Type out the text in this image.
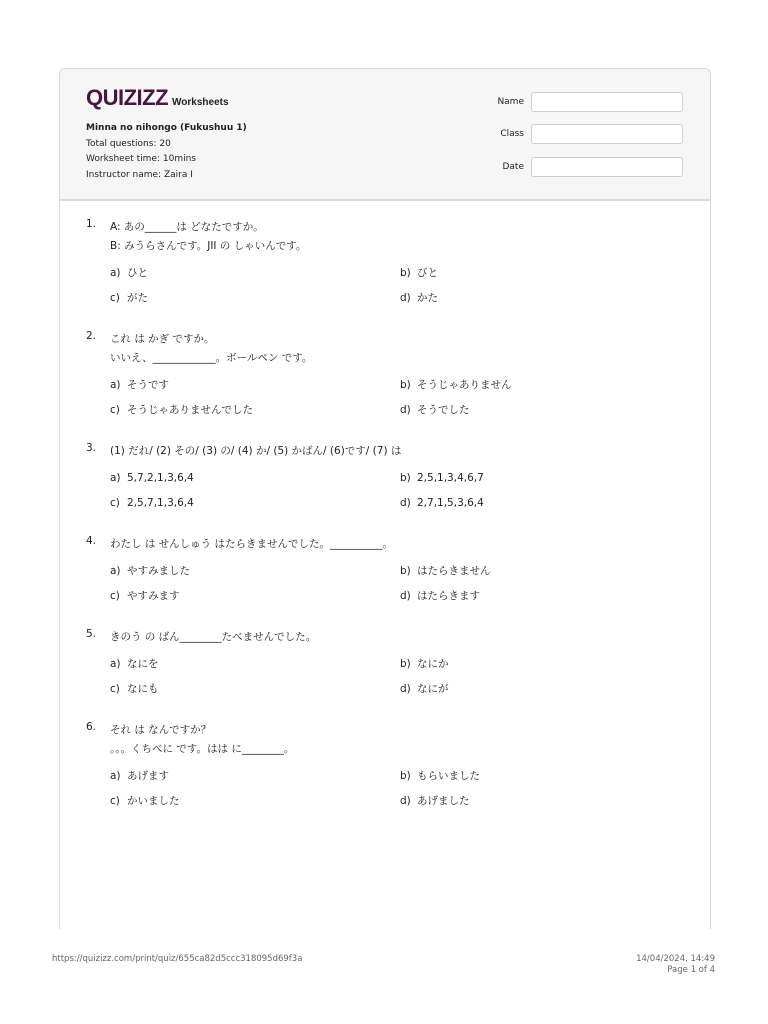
QUIZIZZ Worksheets
Minna no nihongo (Fukushuu 1)
Total questions: 20
Worksheet time: 10mins
Instructor name: Zaira I
Name
Class
Date
1. A: あの______は どなたですか。
B: みうらさんです。JII の しゃいんです。
a) ひと	b) びと
c) がた	d) かた
2. これ は かぎ ですか。
いいえ、____________。ボールペン です。
a) そうです	b) そうじゃありません
c) そうじゃありませんでした	d) そうでした
3. (1) だれ/ (2) その/ (3) の/ (4) か/ (5) かばん/ (6)です/ (7) は
a) 5,7,2,1,3,6,4	b) 2,5,1,3,4,6,7
c) 2,5,7,1,3,6,4	d) 2,7,1,5,3,6,4
4. わたし は せんしゅう はたらきませんでした。__________。
a) やすみました	b) はたらきません
c) やすみます	d) はたらきます
5. きのう の ばん________たべませんでした。
a) なにを	b) なにか
c) なにも	d) なにが
6. それ は なんですか？
。。。くちべに です。はは に________。
a) あげます	b) もらいました
c) かいました	d) あげました
https://quizizz.com/print/quiz/655ca82d5ccc318095d69f3a	14/04/2024, 14:49
Page 1 of 4
